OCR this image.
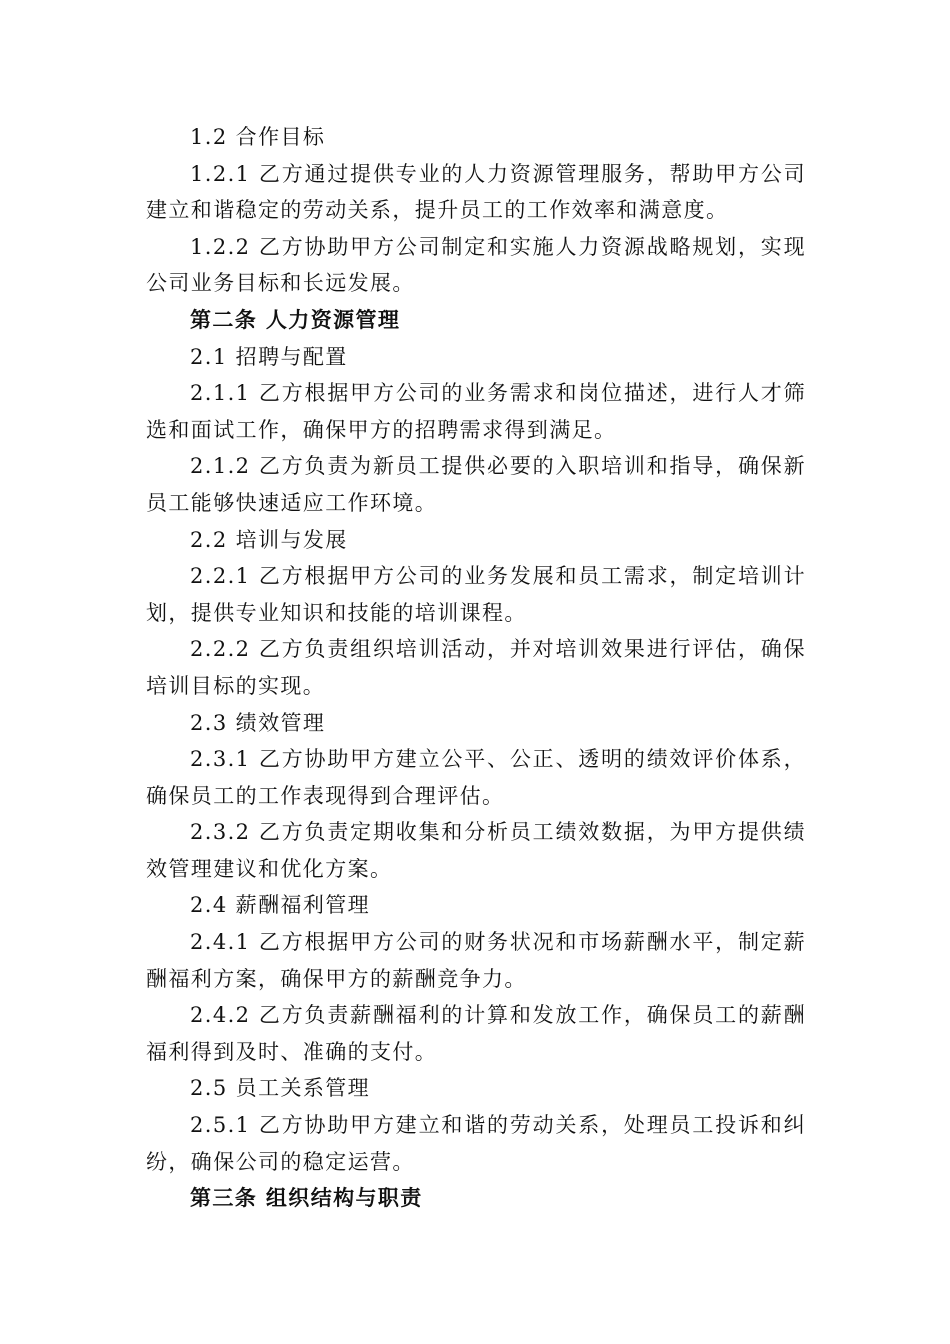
1.2 合作目标

1.2.1 乙方通过提供专业的人力资源管理服务，帮助甲方公司建立和谐稳定的劳动关系，提升员工的工作效率和满意度。

1.2.2 乙方协助甲方公司制定和实施人力资源战略规划，实现公司业务目标和长远发展。

第二条 人力资源管理

2.1 招聘与配置

2.1.1 乙方根据甲方公司的业务需求和岗位描述，进行人才筛选和面试工作，确保甲方的招聘需求得到满足。

2.1.2 乙方负责为新员工提供必要的入职培训和指导，确保新员工能够快速适应工作环境。

2.2 培训与发展

2.2.1 乙方根据甲方公司的业务发展和员工需求，制定培训计划，提供专业知识和技能的培训课程。

2.2.2 乙方负责组织培训活动，并对培训效果进行评估，确保培训目标的实现。

2.3 绩效管理

2.3.1 乙方协助甲方建立公平、公正、透明的绩效评价体系，确保员工的工作表现得到合理评估。

2.3.2 乙方负责定期收集和分析员工绩效数据，为甲方提供绩效管理建议和优化方案。

2.4 薪酬福利管理

2.4.1 乙方根据甲方公司的财务状况和市场薪酬水平，制定薪酬福利方案，确保甲方的薪酬竞争力。

2.4.2 乙方负责薪酬福利的计算和发放工作，确保员工的薪酬福利得到及时、准确的支付。

2.5 员工关系管理

2.5.1 乙方协助甲方建立和谐的劳动关系，处理员工投诉和纠纷，确保公司的稳定运营。

第三条 组织结构与职责
